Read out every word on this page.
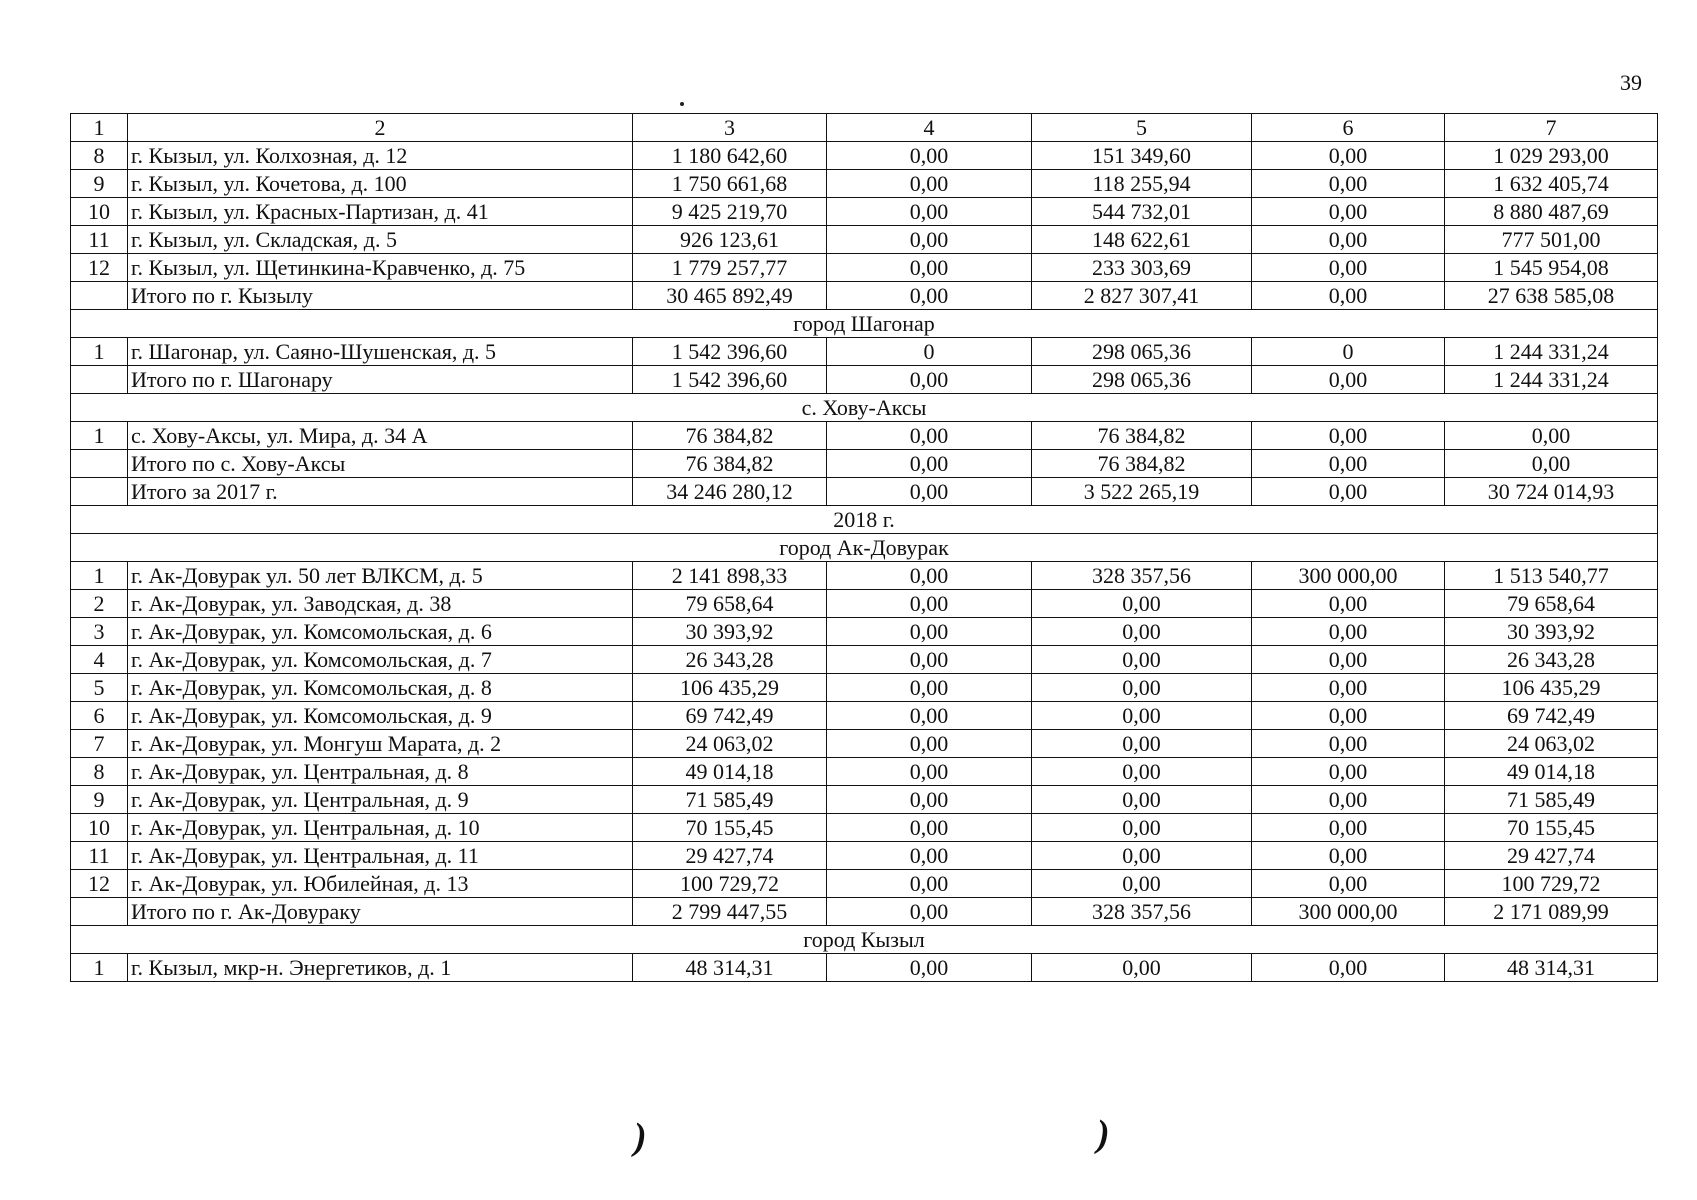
39
1	2	3	4	5	6	7
8	г. Кызыл, ул. Колхозная, д. 12	1 180 642,60	0,00	151 349,60	0,00	1 029 293,00
9	г. Кызыл, ул. Кочетова, д. 100	1 750 661,68	0,00	118 255,94	0,00	1 632 405,74
10	г. Кызыл, ул. Красных-Партизан, д. 41	9 425 219,70	0,00	544 732,01	0,00	8 880 487,69
11	г. Кызыл, ул. Складская, д. 5	926 123,61	0,00	148 622,61	0,00	777 501,00
12	г. Кызыл, ул. Щетинкина-Кравченко, д. 75	1 779 257,77	0,00	233 303,69	0,00	1 545 954,08
	Итого по г. Кызылу	30 465 892,49	0,00	2 827 307,41	0,00	27 638 585,08
город Шагонар						
1	г. Шагонар, ул. Саяно-Шушенская, д. 5	1 542 396,60	0	298 065,36	0	1 244 331,24
	Итого по г. Шагонару	1 542 396,60	0,00	298 065,36	0,00	1 244 331,24
с. Хову-Аксы						
1	с. Хову-Аксы, ул. Мира, д. 34 А	76 384,82	0,00	76 384,82	0,00	0,00
	Итого по с. Хову-Аксы	76 384,82	0,00	76 384,82	0,00	0,00
	Итого за 2017 г.	34 246 280,12	0,00	3 522 265,19	0,00	30 724 014,93
2018 г.						
город Ак-Довурак						
1	г. Ак-Довурак ул. 50 лет ВЛКСМ, д. 5	2 141 898,33	0,00	328 357,56	300 000,00	1 513 540,77
2	г. Ак-Довурак, ул. Заводская, д. 38	79 658,64	0,00	0,00	0,00	79 658,64
3	г. Ак-Довурак, ул. Комсомольская, д. 6	30 393,92	0,00	0,00	0,00	30 393,92
4	г. Ак-Довурак, ул. Комсомольская, д. 7	26 343,28	0,00	0,00	0,00	26 343,28
5	г. Ак-Довурак, ул. Комсомольская, д. 8	106 435,29	0,00	0,00	0,00	106 435,29
6	г. Ак-Довурак, ул. Комсомольская, д. 9	69 742,49	0,00	0,00	0,00	69 742,49
7	г. Ак-Довурак, ул. Монгуш Марата, д. 2	24 063,02	0,00	0,00	0,00	24 063,02
8	г. Ак-Довурак, ул. Центральная, д. 8	49 014,18	0,00	0,00	0,00	49 014,18
9	г. Ак-Довурак, ул. Центральная, д. 9	71 585,49	0,00	0,00	0,00	71 585,49
10	г. Ак-Довурак, ул. Центральная, д. 10	70 155,45	0,00	0,00	0,00	70 155,45
11	г. Ак-Довурак, ул. Центральная, д. 11	29 427,74	0,00	0,00	0,00	29 427,74
12	г. Ак-Довурак, ул. Юбилейная, д. 13	100 729,72	0,00	0,00	0,00	100 729,72
	Итого по г. Ак-Довураку	2 799 447,55	0,00	328 357,56	300 000,00	2 171 089,99
город Кызыл						
1	г. Кызыл, мкр-н. Энергетиков, д. 1	48 314,31	0,00	0,00	0,00	48 314,31
)	)
